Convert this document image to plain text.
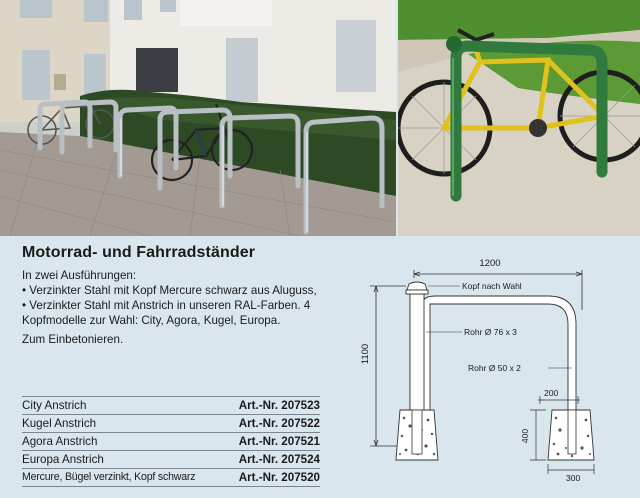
Motorrad- und Fahrradständer

In zwei Ausführungen:

• Verzinkter Stahl mit Kopf Mercure schwarz aus Aluguss,

• Verzinkter Stahl mit Anstrich in unseren RAL-Farben. 4 Kopfmodelle zur Wahl: City, Agora, Kugel, Europa.

Zum Einbetonieren.

City Anstrich	Art.-Nr. 207523
Kugel Anstrich	Art.-Nr. 207522
Agora Anstrich	Art.-Nr. 207521
Europa Anstrich	Art.-Nr. 207524
Mercure, Bügel verzinkt, Kopf schwarz	Art.-Nr. 207520
1200
1100
Kopf nach Wahl
Rohr Ø 76 x 3
Rohr Ø 50 x 2
200
400
300
